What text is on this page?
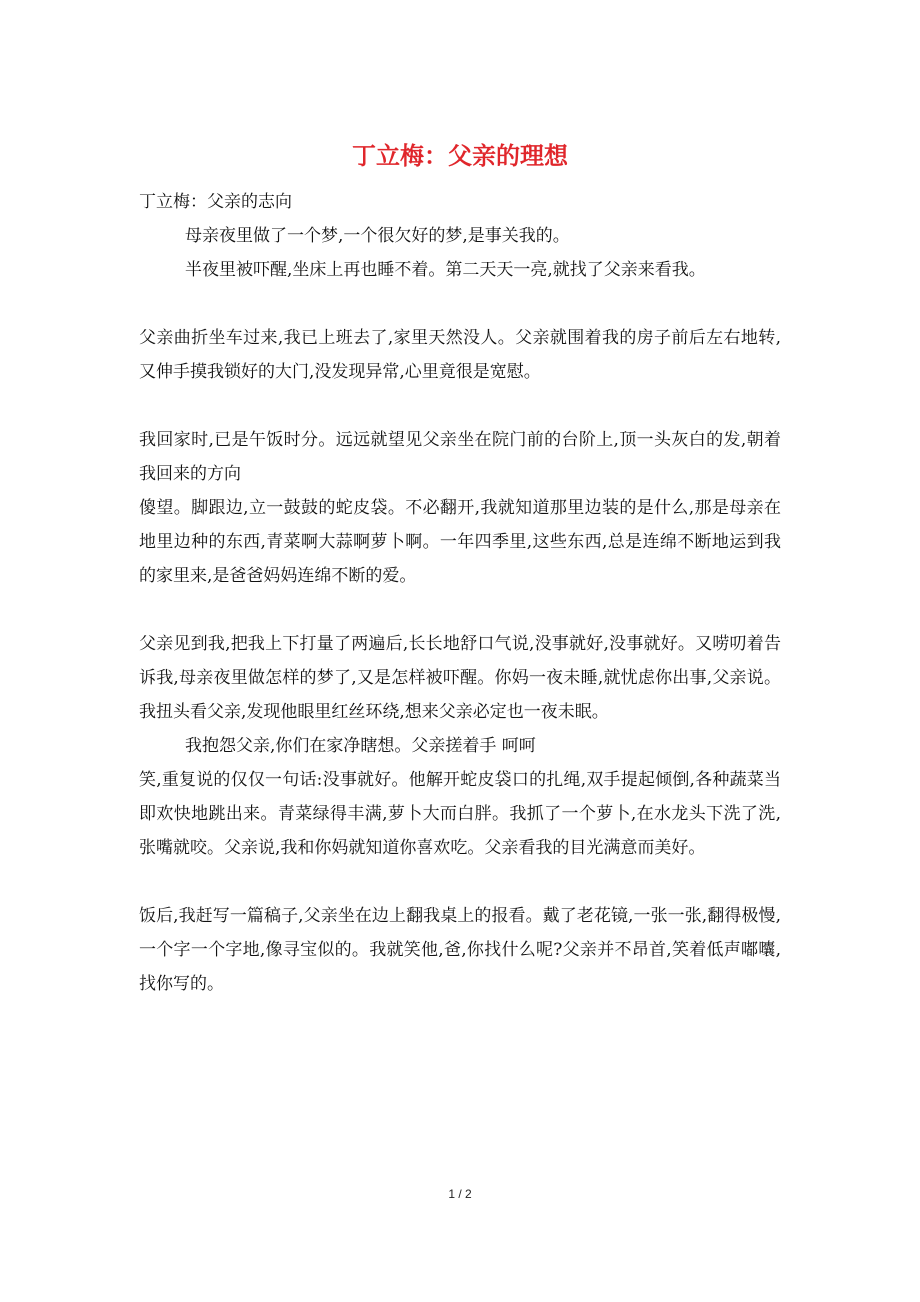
丁立梅：父亲的理想

丁立梅：父亲的志向

母亲夜里做了一个梦,一个很欠好的梦,是事关我的。

半夜里被吓醒,坐床上再也睡不着。第二天天一亮,就找了父亲来看我。

父亲曲折坐车过来,我已上班去了,家里天然没人。父亲就围着我的房子前后左右地转,又伸手摸我锁好的大门,没发现异常,心里竟很是宽慰。

我回家时,已是午饭时分。远远就望见父亲坐在院门前的台阶上,顶一头灰白的发,朝着我回来的方向

傻望。脚跟边,立一鼓鼓的蛇皮袋。不必翻开,我就知道那里边装的是什么,那是母亲在地里边种的东西,青菜啊大蒜啊萝卜啊。一年四季里,这些东西,总是连绵不断地运到我的家里来,是爸爸妈妈连绵不断的爱。

父亲见到我,把我上下打量了两遍后,长长地舒口气说,没事就好,没事就好。又唠叨着告诉我,母亲夜里做怎样的梦了,又是怎样被吓醒。你妈一夜未睡,就忧虑你出事,父亲说。我扭头看父亲,发现他眼里红丝环绕,想来父亲必定也一夜未眠。

我抱怨父亲,你们在家净瞎想。父亲搓着手 呵呵

笑,重复说的仅仅一句话:没事就好。他解开蛇皮袋口的扎绳,双手提起倾倒,各种蔬菜当即欢快地跳出来。青菜绿得丰满,萝卜大而白胖。我抓了一个萝卜,在水龙头下洗了洗,张嘴就咬。父亲说,我和你妈就知道你喜欢吃。父亲看我的目光满意而美好。

饭后,我赶写一篇稿子,父亲坐在边上翻我桌上的报看。戴了老花镜,一张一张,翻得极慢,一个字一个字地,像寻宝似的。我就笑他,爸,你找什么呢?父亲并不昂首,笑着低声嘟囔,找你写的。

1 / 2
